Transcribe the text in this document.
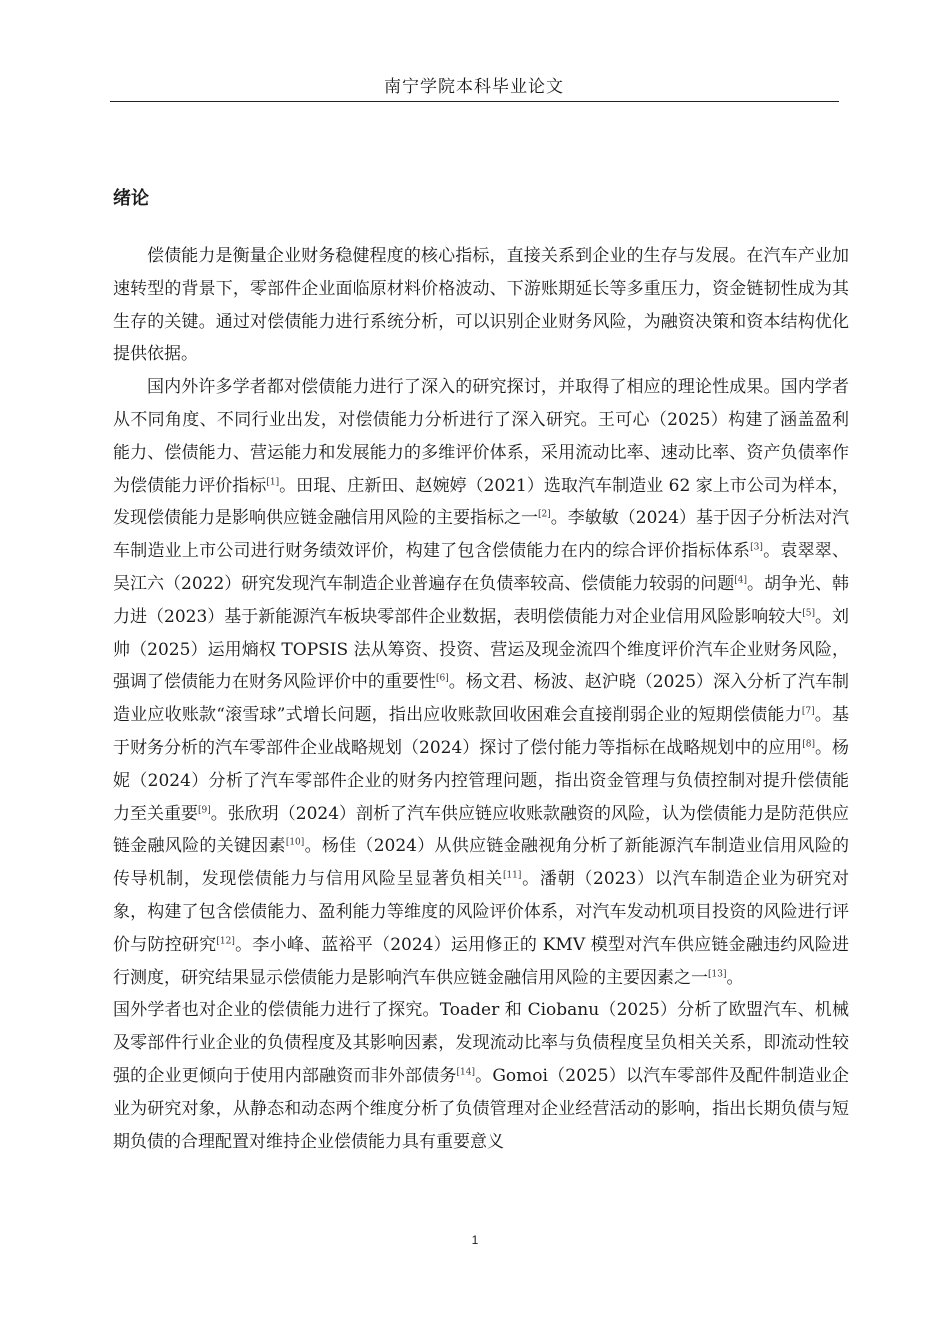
南宁学院本科毕业论文
绪论

偿债能力是衡量企业财务稳健程度的核心指标，直接关系到企业的生存与发展。在汽车产业加速转型的背景下，零部件企业面临原材料价格波动、下游账期延长等多重压力，资金链韧性成为其生存的关键。通过对偿债能力进行系统分析，可以识别企业财务风险，为融资决策和资本结构优化提供依据。

国内外许多学者都对偿债能力进行了深入的研究探讨，并取得了相应的理论性成果。国内学者从不同角度、不同行业出发，对偿债能力分析进行了深入研究。王可心（2025）构建了涵盖盈利能力、偿债能力、营运能力和发展能力的多维评价体系，采用流动比率、速动比率、资产负债率作为偿债能力评价指标[1]。田琨、庄新田、赵婉婷（2021）选取汽车制造业 62 家上市公司为样本，发现偿债能力是影响供应链金融信用风险的主要指标之一[2]。李敏敏（2024）基于因子分析法对汽车制造业上市公司进行财务绩效评价，构建了包含偿债能力在内的综合评价指标体系[3]。袁翠翠、吴江六（2022）研究发现汽车制造企业普遍存在负债率较高、偿债能力较弱的问题[4]。胡争光、韩力进（2023）基于新能源汽车板块零部件企业数据，表明偿债能力对企业信用风险影响较大[5]。刘帅（2025）运用熵权 TOPSIS 法从筹资、投资、营运及现金流四个维度评价汽车企业财务风险，强调了偿债能力在财务风险评价中的重要性[6]。杨文君、杨波、赵沪晓（2025）深入分析了汽车制造业应收账款“滚雪球”式增长问题，指出应收账款回收困难会直接削弱企业的短期偿债能力[7]。基于财务分析的汽车零部件企业战略规划（2024）探讨了偿付能力等指标在战略规划中的应用[8]。杨妮（2024）分析了汽车零部件企业的财务内控管理问题，指出资金管理与负债控制对提升偿债能力至关重要[9]。张欣玥（2024）剖析了汽车供应链应收账款融资的风险，认为偿债能力是防范供应链金融风险的关键因素[10]。杨佳（2024）从供应链金融视角分析了新能源汽车制造业信用风险的传导机制，发现偿债能力与信用风险呈显著负相关[11]。潘朝（2023）以汽车制造企业为研究对象，构建了包含偿债能力、盈利能力等维度的风险评价体系，对汽车发动机项目投资的风险进行评价与防控研究[12]。李小峰、蓝裕平（2024）运用修正的 KMV 模型对汽车供应链金融违约风险进行测度，研究结果显示偿债能力是影响汽车供应链金融信用风险的主要因素之一[13]。

国外学者也对企业的偿债能力进行了探究。Toader 和 Ciobanu（2025）分析了欧盟汽车、机械及零部件行业企业的负债程度及其影响因素，发现流动比率与负债程度呈负相关关系，即流动性较强的企业更倾向于使用内部融资而非外部债务[14]。Gomoi（2025）以汽车零部件及配件制造业企业为研究对象，从静态和动态两个维度分析了负债管理对企业经营活动的影响，指出长期负债与短期负债的合理配置对维持企业偿债能力具有重要意义

1
